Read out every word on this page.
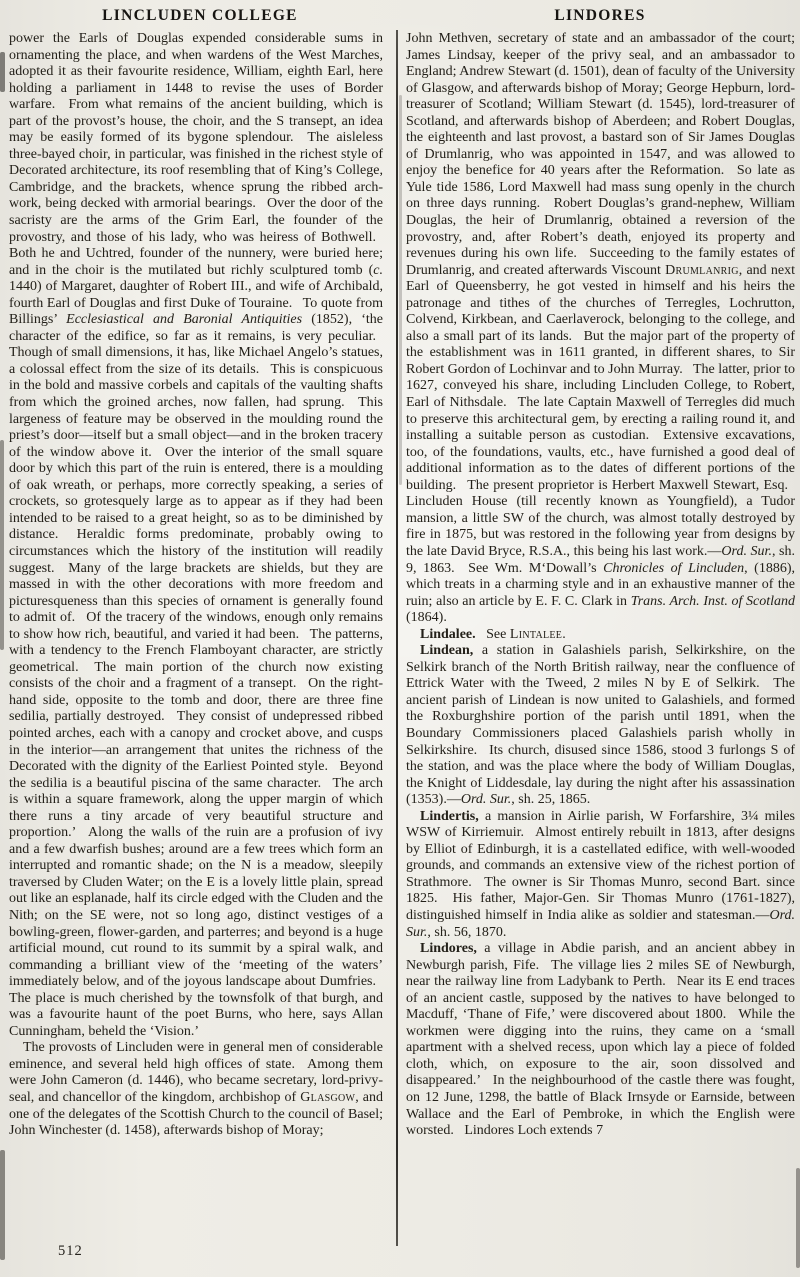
LINCLUDEN COLLEGE	LINDORES

power the Earls of Douglas expended considerable sums in ornamenting the place, and when wardens of the West Marches, adopted it as their favourite residence, William, eighth Earl, here holding a parliament in 1448 to revise the uses of Border warfare.  From what remains of the ancient building, which is part of the provost’s house, the choir, and the S transept, an idea may be easily formed of its bygone splendour.  The aisleless three-bayed choir, in particular, was finished in the richest style of Decorated architecture, its roof resembling that of King’s College, Cambridge, and the brackets, whence sprung the ribbed arch-work, being decked with armorial bearings.  Over the door of the sacristy are the arms of the Grim Earl, the founder of the provostry, and those of his lady, who was heiress of Bothwell.  Both he and Uchtred, founder of the nunnery, were buried here; and in the choir is the mutilated but richly sculptured tomb (c. 1440) of Margaret, daughter of Robert III., and wife of Archibald, fourth Earl of Douglas and first Duke of Touraine.  To quote from Billings’ Ecclesiastical and Baronial Antiquities (1852), ‘the character of the edifice, so far as it remains, is very peculiar.  Though of small dimensions, it has, like Michael Angelo’s statues, a colossal effect from the size of its details.  This is conspicuous in the bold and massive corbels and capitals of the vaulting shafts from which the groined arches, now fallen, had sprung.  This largeness of feature may be observed in the moulding round the priest’s door—itself but a small object—and in the broken tracery of the window above it.  Over the interior of the small square door by which this part of the ruin is entered, there is a moulding of oak wreath, or perhaps, more correctly speaking, a series of crockets, so grotesquely large as to appear as if they had been intended to be raised to a great height, so as to be diminished by distance.  Heraldic forms predominate, probably owing to circumstances which the history of the institution will readily suggest.  Many of the large brackets are shields, but they are massed in with the other decorations with more freedom and picturesqueness than this species of ornament is generally found to admit of.  Of the tracery of the windows, enough only remains to show how rich, beautiful, and varied it had been.  The patterns, with a tendency to the French Flamboyant character, are strictly geometrical.  The main portion of the church now existing consists of the choir and a fragment of a transept.  On the right-hand side, opposite to the tomb and door, there are three fine sedilia, partially destroyed.  They consist of undepressed ribbed pointed arches, each with a canopy and crocket above, and cusps in the interior—an arrangement that unites the richness of the Decorated with the dignity of the Earliest Pointed style.  Beyond the sedilia is a beautiful piscina of the same character.  The arch is within a square framework, along the upper margin of which there runs a tiny arcade of very beautiful structure and proportion.’  Along the walls of the ruin are a profusion of ivy and a few dwarfish bushes; around are a few trees which form an interrupted and romantic shade; on the N is a meadow, sleepily traversed by Cluden Water; on the E is a lovely little plain, spread out like an esplanade, half its circle edged with the Cluden and the Nith; on the SE were, not so long ago, distinct vestiges of a bowling-green, flower-garden, and parterres; and beyond is a huge artificial mound, cut round to its summit by a spiral walk, and commanding a brilliant view of the ‘meeting of the waters’ immediately below, and of the joyous landscape about Dumfries.  The place is much cherished by the townsfolk of that burgh, and was a favourite haunt of the poet Burns, who here, says Allan Cunningham, beheld the ‘Vision.’

The provosts of Lincluden were in general men of considerable eminence, and several held high offices of state.  Among them were John Cameron (d. 1446), who became secretary, lord-privy-seal, and chancellor of the kingdom, archbishop of Glasgow, and one of the delegates of the Scottish Church to the council of Basel; John Winchester (d. 1458), afterwards bishop of Moray;

John Methven, secretary of state and an ambassador of the court; James Lindsay, keeper of the privy seal, and an ambassador to England; Andrew Stewart (d. 1501), dean of faculty of the University of Glasgow, and afterwards bishop of Moray; George Hepburn, lord-treasurer of Scotland; William Stewart (d. 1545), lord-treasurer of Scotland, and afterwards bishop of Aberdeen; and Robert Douglas, the eighteenth and last provost, a bastard son of Sir James Douglas of Drumlanrig, who was appointed in 1547, and was allowed to enjoy the benefice for 40 years after the Reformation.  So late as Yule tide 1586, Lord Maxwell had mass sung openly in the church on three days running.  Robert Douglas’s grand-nephew, William Douglas, the heir of Drumlanrig, obtained a reversion of the provostry, and, after Robert’s death, enjoyed its property and revenues during his own life.  Succeeding to the family estates of Drumlanrig, and created afterwards Viscount Drumlanrig, and next Earl of Queensberry, he got vested in himself and his heirs the patronage and tithes of the churches of Terregles, Lochrutton, Colvend, Kirkbean, and Caerlaverock, belonging to the college, and also a small part of its lands.  But the major part of the property of the establishment was in 1611 granted, in different shares, to Sir Robert Gordon of Lochinvar and to John Murray.  The latter, prior to 1627, conveyed his share, including Lincluden College, to Robert, Earl of Nithsdale.  The late Captain Maxwell of Terregles did much to preserve this architectural gem, by erecting a railing round it, and installing a suitable person as custodian.  Extensive excavations, too, of the foundations, vaults, etc., have furnished a good deal of additional information as to the dates of different portions of the building.  The present proprietor is Herbert Maxwell Stewart, Esq.  Lincluden House (till recently known as Youngfield), a Tudor mansion, a little SW of the church, was almost totally destroyed by fire in 1875, but was restored in the following year from designs by the late David Bryce, R.S.A., this being his last work.—Ord. Sur., sh. 9, 1863.  See Wm. M‘Dowall’s Chronicles of Lincluden, (1886), which treats in a charming style and in an exhaustive manner of the ruin; also an article by E. F. C. Clark in Trans. Arch. Inst. of Scotland (1864).

Lindalee.  See Lintalee.

Lindean, a station in Galashiels parish, Selkirkshire, on the Selkirk branch of the North British railway, near the confluence of Ettrick Water with the Tweed, 2 miles N by E of Selkirk.  The ancient parish of Lindean is now united to Galashiels, and formed the Roxburghshire portion of the parish until 1891, when the Boundary Commissioners placed Galashiels parish wholly in Selkirkshire.  Its church, disused since 1586, stood 3 furlongs S of the station, and was the place where the body of William Douglas, the Knight of Liddesdale, lay during the night after his assassination (1353).—Ord. Sur., sh. 25, 1865.

Lindertis, a mansion in Airlie parish, W Forfarshire, 3¼ miles WSW of Kirriemuir.  Almost entirely rebuilt in 1813, after designs by Elliot of Edinburgh, it is a castellated edifice, with well-wooded grounds, and commands an extensive view of the richest portion of Strathmore.  The owner is Sir Thomas Munro, second Bart. since 1825.  His father, Major-Gen. Sir Thomas Munro (1761-1827), distinguished himself in India alike as soldier and statesman.—Ord. Sur., sh. 56, 1870.

Lindores, a village in Abdie parish, and an ancient abbey in Newburgh parish, Fife.  The village lies 2 miles SE of Newburgh, near the railway line from Ladybank to Perth.  Near its E end traces of an ancient castle, supposed by the natives to have belonged to Macduff, ‘Thane of Fife,’ were discovered about 1800.  While the workmen were digging into the ruins, they came on a ‘small apartment with a shelved recess, upon which lay a piece of folded cloth, which, on exposure to the air, soon dissolved and disappeared.’  In the neighbourhood of the castle there was fought, on 12 June, 1298, the battle of Black Irnsyde or Earnside, between Wallace and the Earl of Pembroke, in which the English were worsted.  Lindores Loch extends 7

512
